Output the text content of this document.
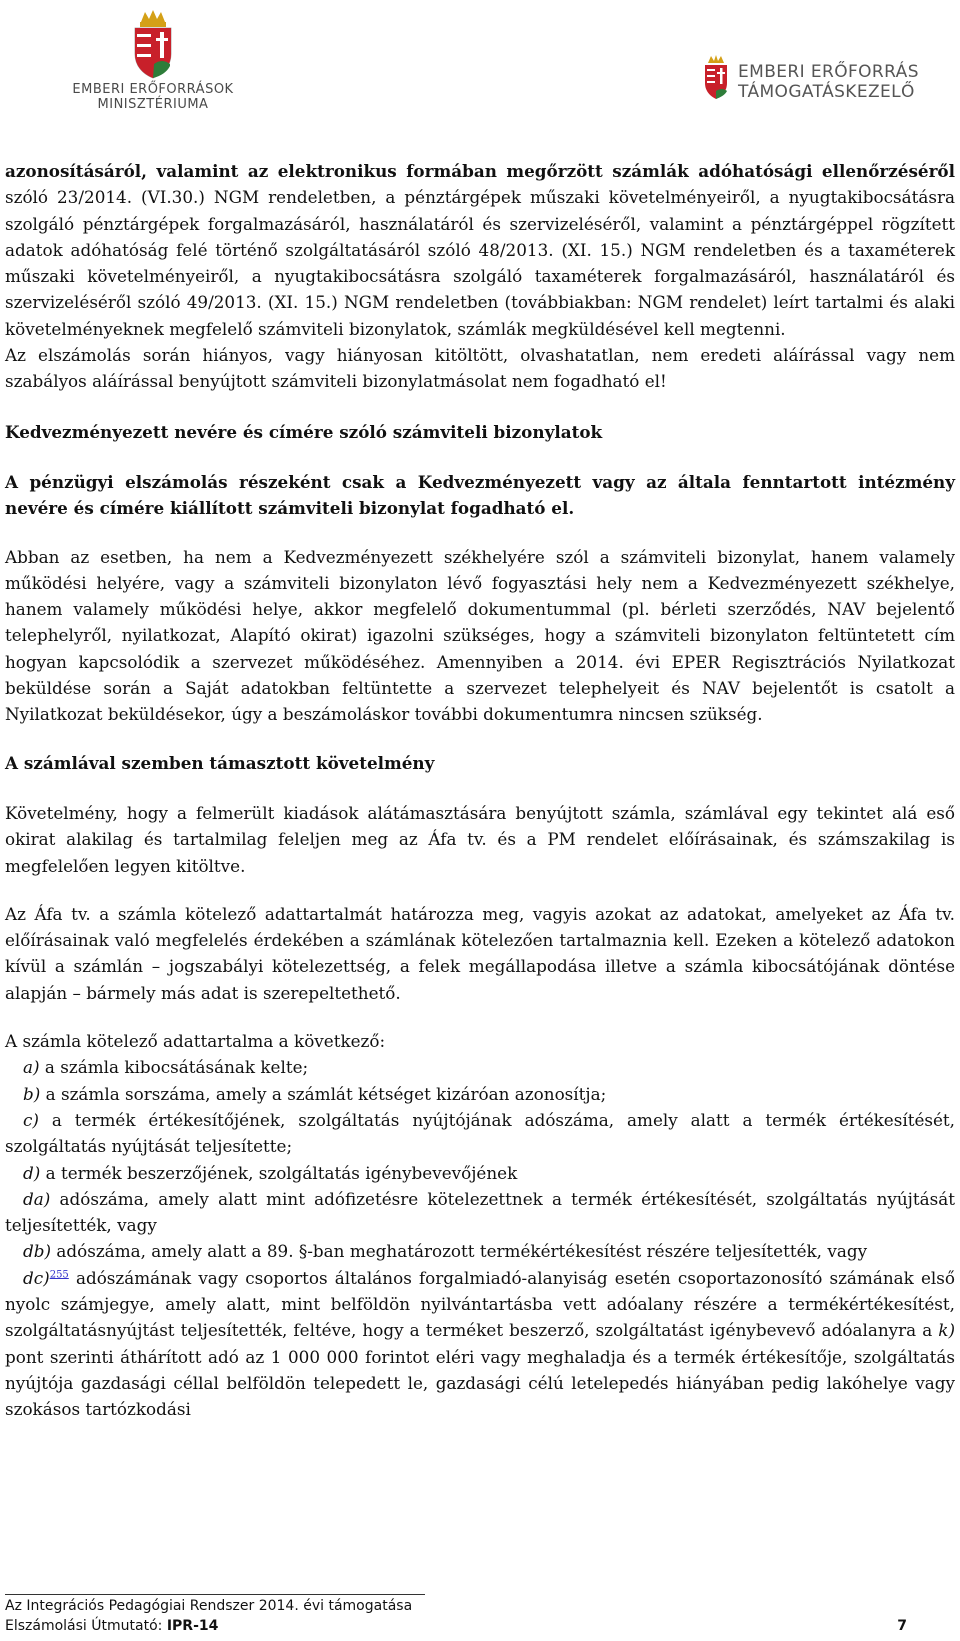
EMBERI ERŐFORRÁSOK
MINISZTÉRIUMA
EMBERI ERŐFORRÁS
TÁMOGATÁSKEZELŐ

azonosításáról, valamint az elektronikus formában megőrzött számlák adóhatósági ellenőrzéséről szóló 23/2014. (VI.30.) NGM rendeletben, a pénztárgépek műszaki követelményeiről, a nyugtakibocsátásra szolgáló pénztárgépek forgalmazásáról, használatáról és szervizeléséről, valamint a pénztárgéppel rögzített adatok adóhatóság felé történő szolgáltatásáról szóló 48/2013. (XI. 15.) NGM rendeletben és a taxaméterek műszaki követelményeiről, a nyugtakibocsátásra szolgáló taxaméterek forgalmazásáról, használatáról és szervizeléséről szóló 49/2013. (XI. 15.) NGM rendeletben (továbbiakban: NGM rendelet) leírt tartalmi és alaki követelményeknek megfelelő számviteli bizonylatok, számlák megküldésével kell megtenni.

Az elszámolás során hiányos, vagy hiányosan kitöltött, olvashatatlan, nem eredeti aláírással vagy nem szabályos aláírással benyújtott számviteli bizonylatmásolat nem fogadható el!

Kedvezményezett nevére és címére szóló számviteli bizonylatok

A pénzügyi elszámolás részeként csak a Kedvezményezett vagy az általa fenntartott intézmény nevére és címére kiállított számviteli bizonylat fogadható el.

Abban az esetben, ha nem a Kedvezményezett székhelyére szól a számviteli bizonylat, hanem valamely működési helyére, vagy a számviteli bizonylaton lévő fogyasztási hely nem a Kedvezményezett székhelye, hanem valamely működési helye, akkor megfelelő dokumentummal (pl. bérleti szerződés, NAV bejelentő telephelyről, nyilatkozat, Alapító okirat) igazolni szükséges, hogy a számviteli bizonylaton feltüntetett cím hogyan kapcsolódik a szervezet működéséhez. Amennyiben a 2014. évi EPER Regisztrációs Nyilatkozat beküldése során a Saját adatokban feltüntette a szervezet telephelyeit és NAV bejelentőt is csatolt a Nyilatkozat beküldésekor, úgy a beszámoláskor további dokumentumra nincsen szükség.

A számlával szemben támasztott követelmény

Követelmény, hogy a felmerült kiadások alátámasztására benyújtott számla, számlával egy tekintet alá eső okirat alakilag és tartalmilag feleljen meg az Áfa tv. és a PM rendelet előírásainak, és számszakilag is megfelelően legyen kitöltve.

Az Áfa tv. a számla kötelező adattartalmát határozza meg, vagyis azokat az adatokat, amelyeket az Áfa tv. előírásainak való megfelelés érdekében a számlának kötelezően tartalmaznia kell. Ezeken a kötelező adatokon kívül a számlán – jogszabályi kötelezettség, a felek megállapodása illetve a számla kibocsátójának döntése alapján – bármely más adat is szerepeltethető.

A számla kötelező adattartalma a következő:

a) a számla kibocsátásának kelte;

b) a számla sorszáma, amely a számlát kétséget kizáróan azonosítja;

c) a termék értékesítőjének, szolgáltatás nyújtójának adószáma, amely alatt a termék értékesítését, szolgáltatás nyújtását teljesítette;

d) a termék beszerzőjének, szolgáltatás igénybevevőjének

da) adószáma, amely alatt mint adófizetésre kötelezettnek a termék értékesítését, szolgáltatás nyújtását teljesítették, vagy

db) adószáma, amely alatt a 89. §-ban meghatározott termékértékesítést részére teljesítették, vagy

dc)$^{255}$ adószámának vagy csoportos általános forgalmiadó-alanyiság esetén csoportazonosító számának első nyolc számjegye, amely alatt, mint belföldön nyilvántartásba vett adóalany részére a termékértékesítést, szolgáltatásnyújtást teljesítették, feltéve, hogy a terméket beszerző, szolgáltatást igénybevevő adóalanyra a k) pont szerinti áthárított adó az 1 000 000 forintot eléri vagy meghaladja és a termék értékesítője, szolgáltatás nyújtója gazdasági céllal belföldön telepedett le, gazdasági célú letelepedés hiányában pedig lakóhelye vagy szokásos tartózkodási

Az Integrációs Pedagógiai Rendszer 2014. évi támogatása
Elszámolási Útmutató: IPR-14	7
